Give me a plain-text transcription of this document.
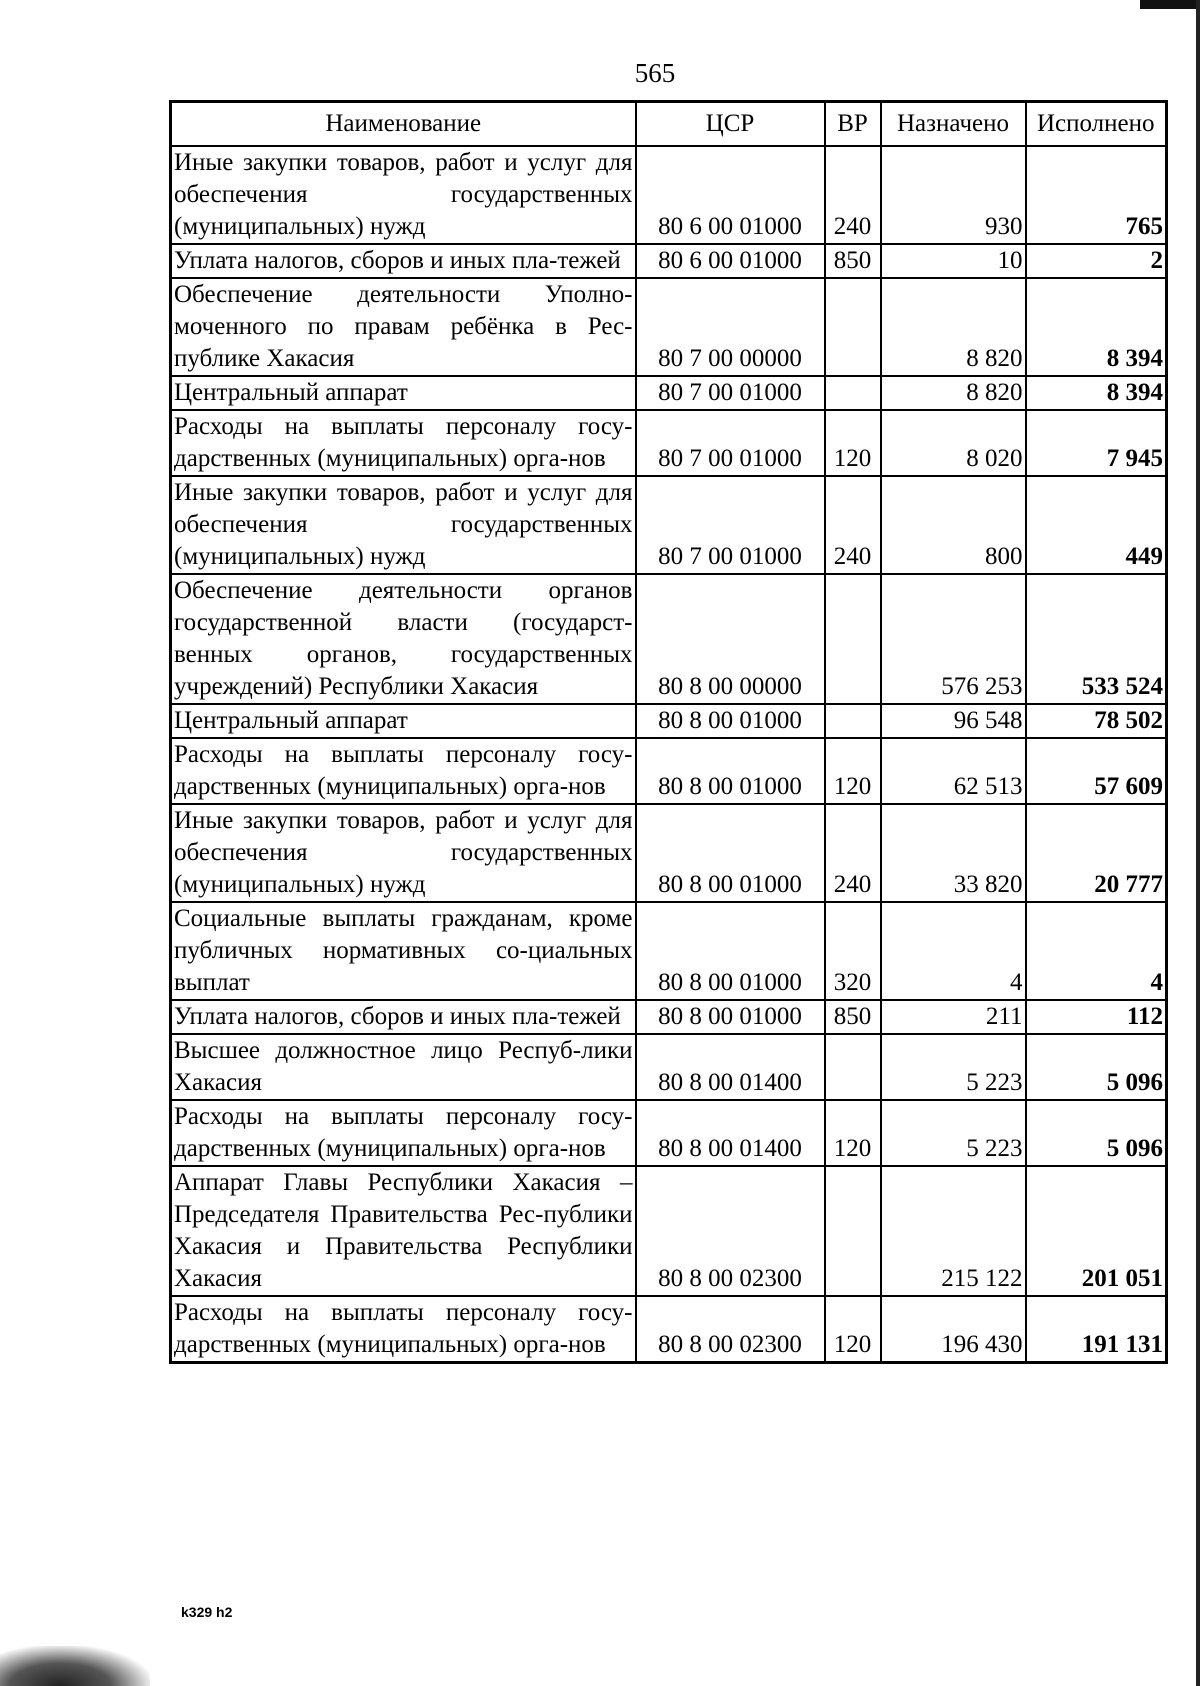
565
Наименование	ЦСР	ВР	Назначено	Исполнено
Иные закупки товаров, работ и услуг для обеспечения государственных (муниципальных) нужд	80 6 00 01000	240	930	765
Уплата налогов, сборов и иных пла-тежей	80 6 00 01000	850	10	2
Обеспечение деятельности Уполно-моченного по правам ребёнка в Рес-публике Хакасия	80 7 00 00000		8 820	8 394
Центральный аппарат	80 7 00 01000		8 820	8 394
Расходы на выплаты персоналу госу-дарственных (муниципальных) орга-нов	80 7 00 01000	120	8 020	7 945
Иные закупки товаров, работ и услуг для обеспечения государственных (муниципальных) нужд	80 7 00 01000	240	800	449
Обеспечение деятельности органов государственной власти (государст-венных органов, государственных учреждений) Республики Хакасия	80 8 00 00000		576 253	533 524
Центральный аппарат	80 8 00 01000		96 548	78 502
Расходы на выплаты персоналу госу-дарственных (муниципальных) орга-нов	80 8 00 01000	120	62 513	57 609
Иные закупки товаров, работ и услуг для обеспечения государственных (муниципальных) нужд	80 8 00 01000	240	33 820	20 777
Социальные выплаты гражданам, кроме публичных нормативных со-циальных выплат	80 8 00 01000	320	4	4
Уплата налогов, сборов и иных пла-тежей	80 8 00 01000	850	211	112
Высшее должностное лицо Респуб-лики Хакасия	80 8 00 01400		5 223	5 096
Расходы на выплаты персоналу госу-дарственных (муниципальных) орга-нов	80 8 00 01400	120	5 223	5 096
Аппарат Главы Республики Хакасия – Председателя Правительства Рес-публики Хакасия и Правительства Республики Хакасия	80 8 00 02300		215 122	201 051
Расходы на выплаты персоналу госу-дарственных (муниципальных) орга-нов	80 8 00 02300	120	196 430	191 131
k329 h2
